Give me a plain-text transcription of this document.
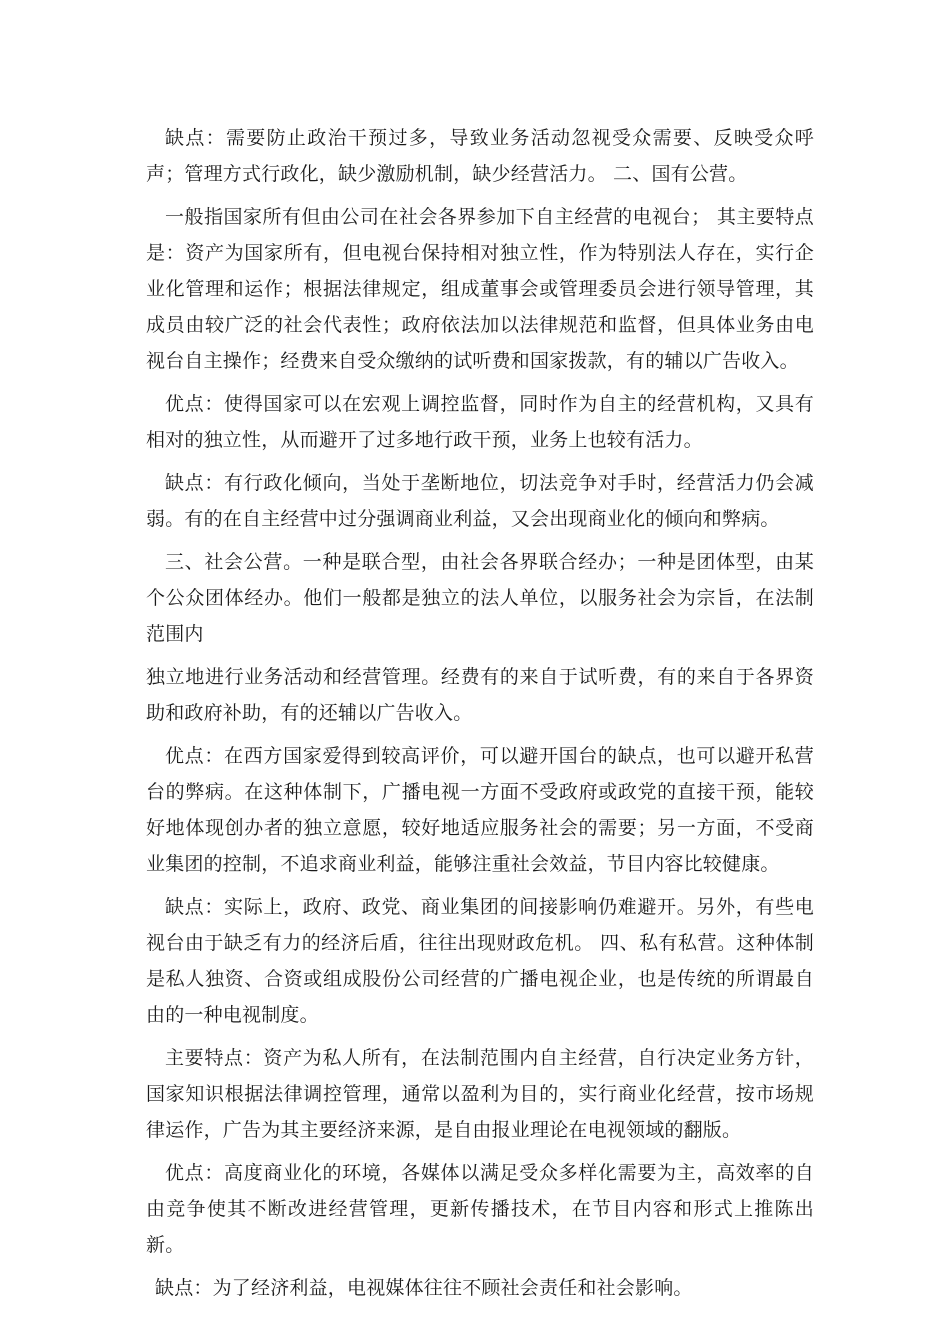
缺点：需要防止政治干预过多，导致业务活动忽视受众需要、反映受众呼声；管理方式行政化，缺少激励机制，缺少经营活力。 二、国有公营。

一般指国家所有但由公司在社会各界参加下自主经营的电视台； 其主要特点是：资产为国家所有，但电视台保持相对独立性，作为特别法人存在，实行企业化管理和运作；根据法律规定，组成董事会或管理委员会进行领导管理，其成员由较广泛的社会代表性；政府依法加以法律规范和监督，但具体业务由电视台自主操作；经费来自受众缴纳的试听费和国家拨款，有的辅以广告收入。

优点：使得国家可以在宏观上调控监督，同时作为自主的经营机构，又具有相对的独立性，从而避开了过多地行政干预，业务上也较有活力。

缺点：有行政化倾向，当处于垄断地位，切法竞争对手时，经营活力仍会减弱。有的在自主经营中过分强调商业利益，又会出现商业化的倾向和弊病。

三、社会公营。一种是联合型，由社会各界联合经办；一种是团体型，由某个公众团体经办。他们一般都是独立的法人单位，以服务社会为宗旨，在法制范围内

独立地进行业务活动和经营管理。经费有的来自于试听费，有的来自于各界资助和政府补助，有的还辅以广告收入。

优点：在西方国家爱得到较高评价，可以避开国台的缺点，也可以避开私营台的弊病。在这种体制下，广播电视一方面不受政府或政党的直接干预，能较好地体现创办者的独立意愿，较好地适应服务社会的需要；另一方面，不受商业集团的控制，不追求商业利益，能够注重社会效益，节目内容比较健康。

缺点：实际上，政府、政党、商业集团的间接影响仍难避开。另外，有些电视台由于缺乏有力的经济后盾，往往出现财政危机。 四、私有私营。这种体制是私人独资、合资或组成股份公司经营的广播电视企业，也是传统的所谓最自由的一种电视制度。

主要特点：资产为私人所有，在法制范围内自主经营，自行决定业务方针，国家知识根据法律调控管理，通常以盈利为目的，实行商业化经营，按市场规律运作，广告为其主要经济来源，是自由报业理论在电视领域的翻版。

优点：高度商业化的环境，各媒体以满足受众多样化需要为主，高效率的自由竞争使其不断改进经营管理，更新传播技术，在节目内容和形式上推陈出新。

缺点：为了经济利益，电视媒体往往不顾社会责任和社会影响。
